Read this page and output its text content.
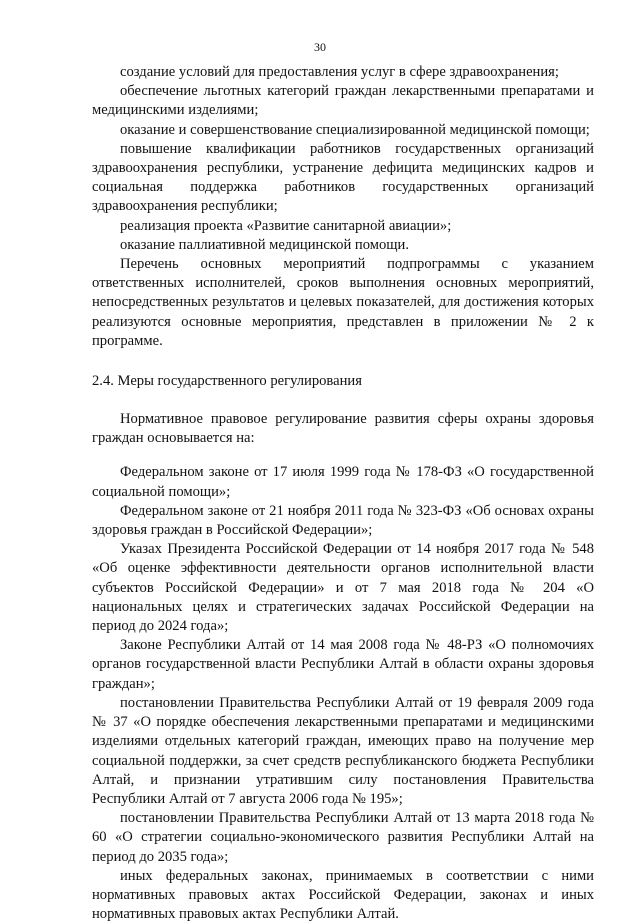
30

создание условий для предоставления услуг в сфере здравоохранения;

обеспечение льготных категорий граждан лекарственными препаратами и медицинскими изделиями;

оказание и совершенствование специализированной медицинской помощи;

повышение квалификации работников государственных организаций здравоохранения республики, устранение дефицита медицинских кадров и социальная поддержка работников государственных организаций здравоохранения республики;

реализация проекта «Развитие санитарной авиации»;

оказание паллиативной медицинской помощи.

Перечень основных мероприятий подпрограммы с указанием ответственных исполнителей, сроков выполнения основных мероприятий, непосредственных результатов и целевых показателей, для достижения которых реализуются основные мероприятия, представлен в приложении № 2 к программе.

2.4. Меры государственного регулирования

Нормативное правовое регулирование развития сферы охраны здоровья граждан основывается на:

Федеральном законе от 17 июля 1999 года № 178-ФЗ «О государственной социальной помощи»;

Федеральном законе от 21 ноября 2011 года № 323-ФЗ «Об основах охраны здоровья граждан в Российской Федерации»;

Указах Президента Российской Федерации от 14 ноября 2017 года № 548 «Об оценке эффективности деятельности органов исполнительной власти субъектов Российской Федерации» и от 7 мая 2018 года № 204 «О национальных целях и стратегических задачах Российской Федерации на период до 2024 года»;

Законе Республики Алтай от 14 мая 2008 года № 48-РЗ «О полномочиях органов государственной власти Республики Алтай в области охраны здоровья граждан»;

постановлении Правительства Республики Алтай от 19 февраля 2009 года № 37 «О порядке обеспечения лекарственными препаратами и медицинскими изделиями отдельных категорий граждан, имеющих право на получение мер социальной поддержки, за счет средств республиканского бюджета Республики Алтай, и признании утратившим силу постановления Правительства Республики Алтай от 7 августа 2006 года № 195»;

постановлении Правительства Республики Алтай от 13 марта 2018 года № 60 «О стратегии социально-экономического развития Республики Алтай на период до 2035 года»;

иных федеральных законах, принимаемых в соответствии с ними нормативных правовых актах Российской Федерации, законах и иных нормативных правовых актах Республики Алтай.
